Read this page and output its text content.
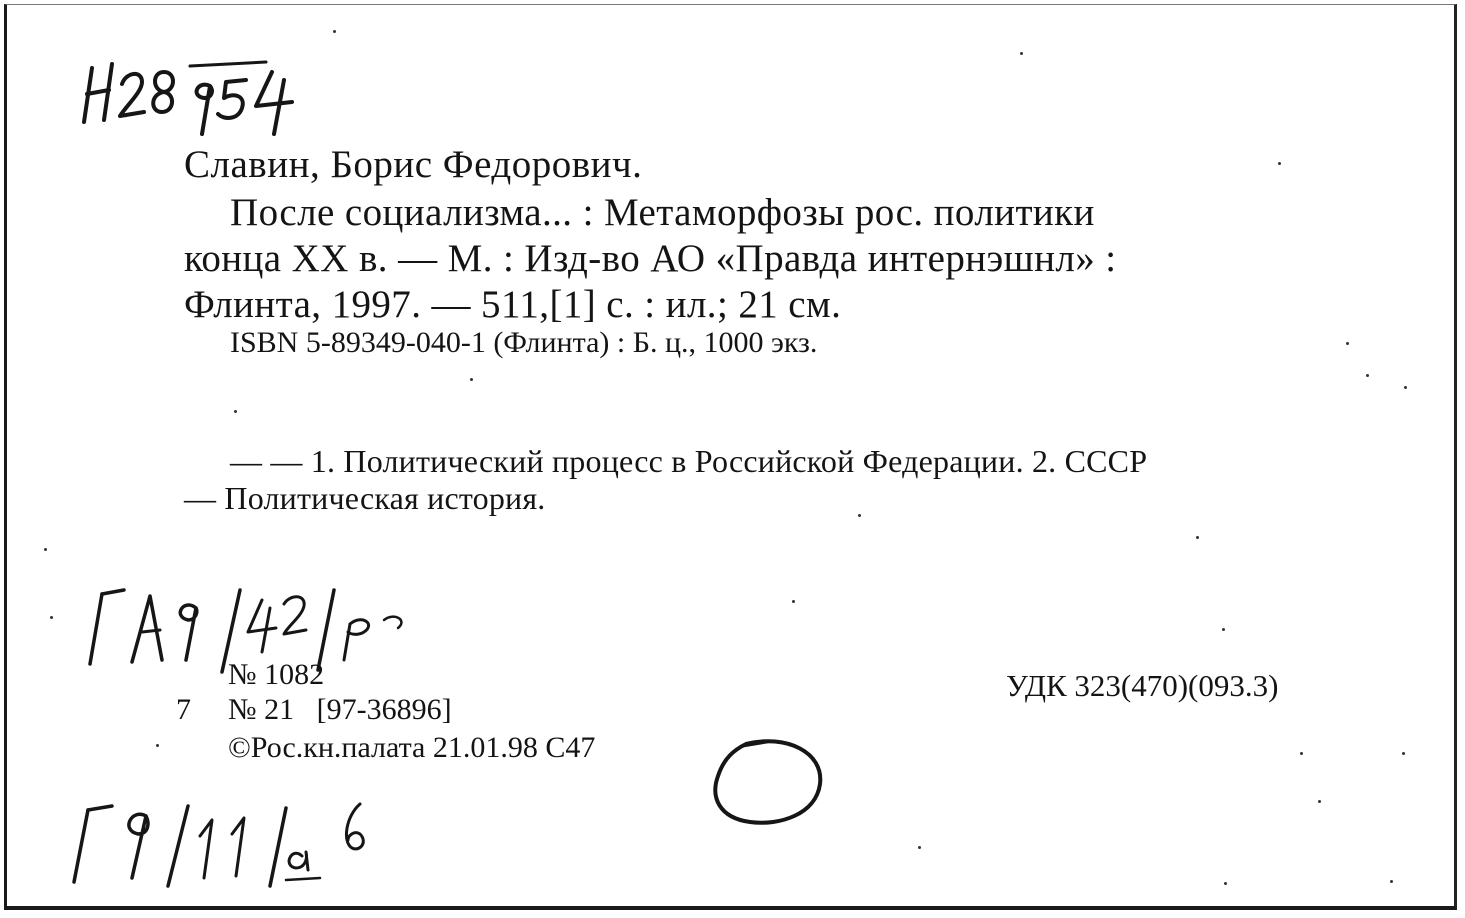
Славин, Борис Федорович.
После социализма... : Метаморфозы рос. политики
конца XX в. — М. : Изд-во АО «Правда интернэшнл» :
Флинта, 1997. — 511,[1] с. : ил.; 21 см.
ISBN 5-89349-040-1 (Флинта) : Б. ц., 1000 экз.
— — 1. Политический процесс в Российской Федерации. 2. СССР
— Политическая история.
№ 1082
7 № 21   [97-36896]
©Рос.кн.палата 21.01.98 С47
УДК 323(470)(093.3)
